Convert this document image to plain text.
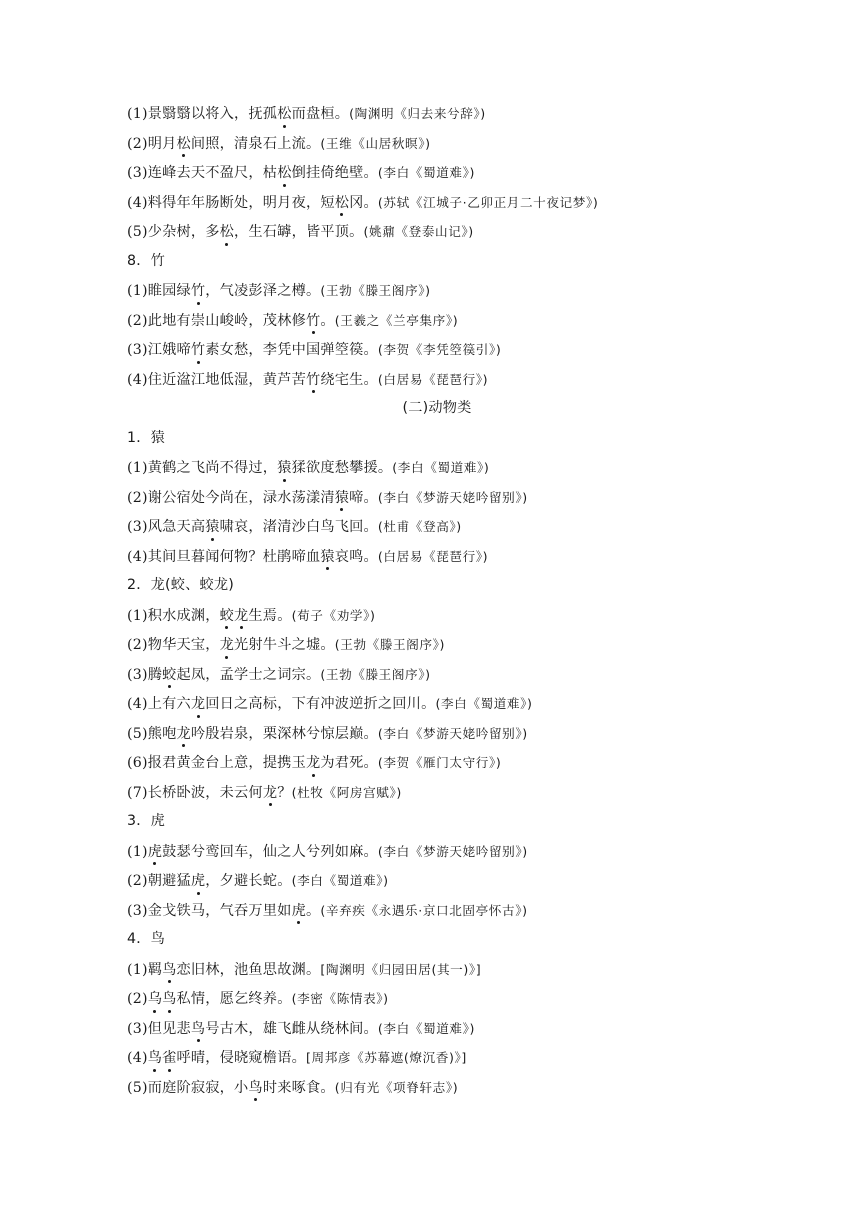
(1)景翳翳以将入，抚孤松而盘桓。(陶渊明《归去来兮辞》)
(2)明月松间照，清泉石上流。(王维《山居秋暝》)
(3)连峰去天不盈尺，枯松倒挂倚绝壁。(李白《蜀道难》)
(4)料得年年肠断处，明月夜，短松冈。(苏轼《江城子·乙卯正月二十夜记梦》)
(5)少杂树，多松，生石罅，皆平顶。(姚鼐《登泰山记》)
8．竹
(1)睢园绿竹，气凌彭泽之樽。(王勃《滕王阁序》)
(2)此地有崇山峻岭，茂林修竹。(王羲之《兰亭集序》)
(3)江娥啼竹素女愁，李凭中国弹箜篌。(李贺《李凭箜篌引》)
(4)住近湓江地低湿，黄芦苦竹绕宅生。(白居易《琵琶行》)
(二)动物类
1．猿
(1)黄鹤之飞尚不得过，猿猱欲度愁攀援。(李白《蜀道难》)
(2)谢公宿处今尚在，渌水荡漾清猿啼。(李白《梦游天姥吟留别》)
(3)风急天高猿啸哀，渚清沙白鸟飞回。(杜甫《登高》)
(4)其间旦暮闻何物？杜鹃啼血猿哀鸣。(白居易《琵琶行》)
2．龙(蛟、蛟龙)
(1)积水成渊，蛟龙生焉。(荀子《劝学》)
(2)物华天宝，龙光射牛斗之墟。(王勃《滕王阁序》)
(3)腾蛟起凤，孟学士之词宗。(王勃《滕王阁序》)
(4)上有六龙回日之高标，下有冲波逆折之回川。(李白《蜀道难》)
(5)熊咆龙吟殷岩泉，栗深林兮惊层巅。(李白《梦游天姥吟留别》)
(6)报君黄金台上意，提携玉龙为君死。(李贺《雁门太守行》)
(7)长桥卧波，未云何龙？(杜牧《阿房宫赋》)
3．虎
(1)虎鼓瑟兮鸾回车，仙之人兮列如麻。(李白《梦游天姥吟留别》)
(2)朝避猛虎，夕避长蛇。(李白《蜀道难》)
(3)金戈铁马，气吞万里如虎。(辛弃疾《永遇乐·京口北固亭怀古》)
4．鸟
(1)羁鸟恋旧林，池鱼思故渊。[陶渊明《归园田居(其一)》]
(2)乌鸟私情，愿乞终养。(李密《陈情表》)
(3)但见悲鸟号古木，雄飞雌从绕林间。(李白《蜀道难》)
(4)鸟雀呼晴，侵晓窥檐语。[周邦彦《苏幕遮(燎沉香)》]
(5)而庭阶寂寂，小鸟时来啄食。(归有光《项脊轩志》)
